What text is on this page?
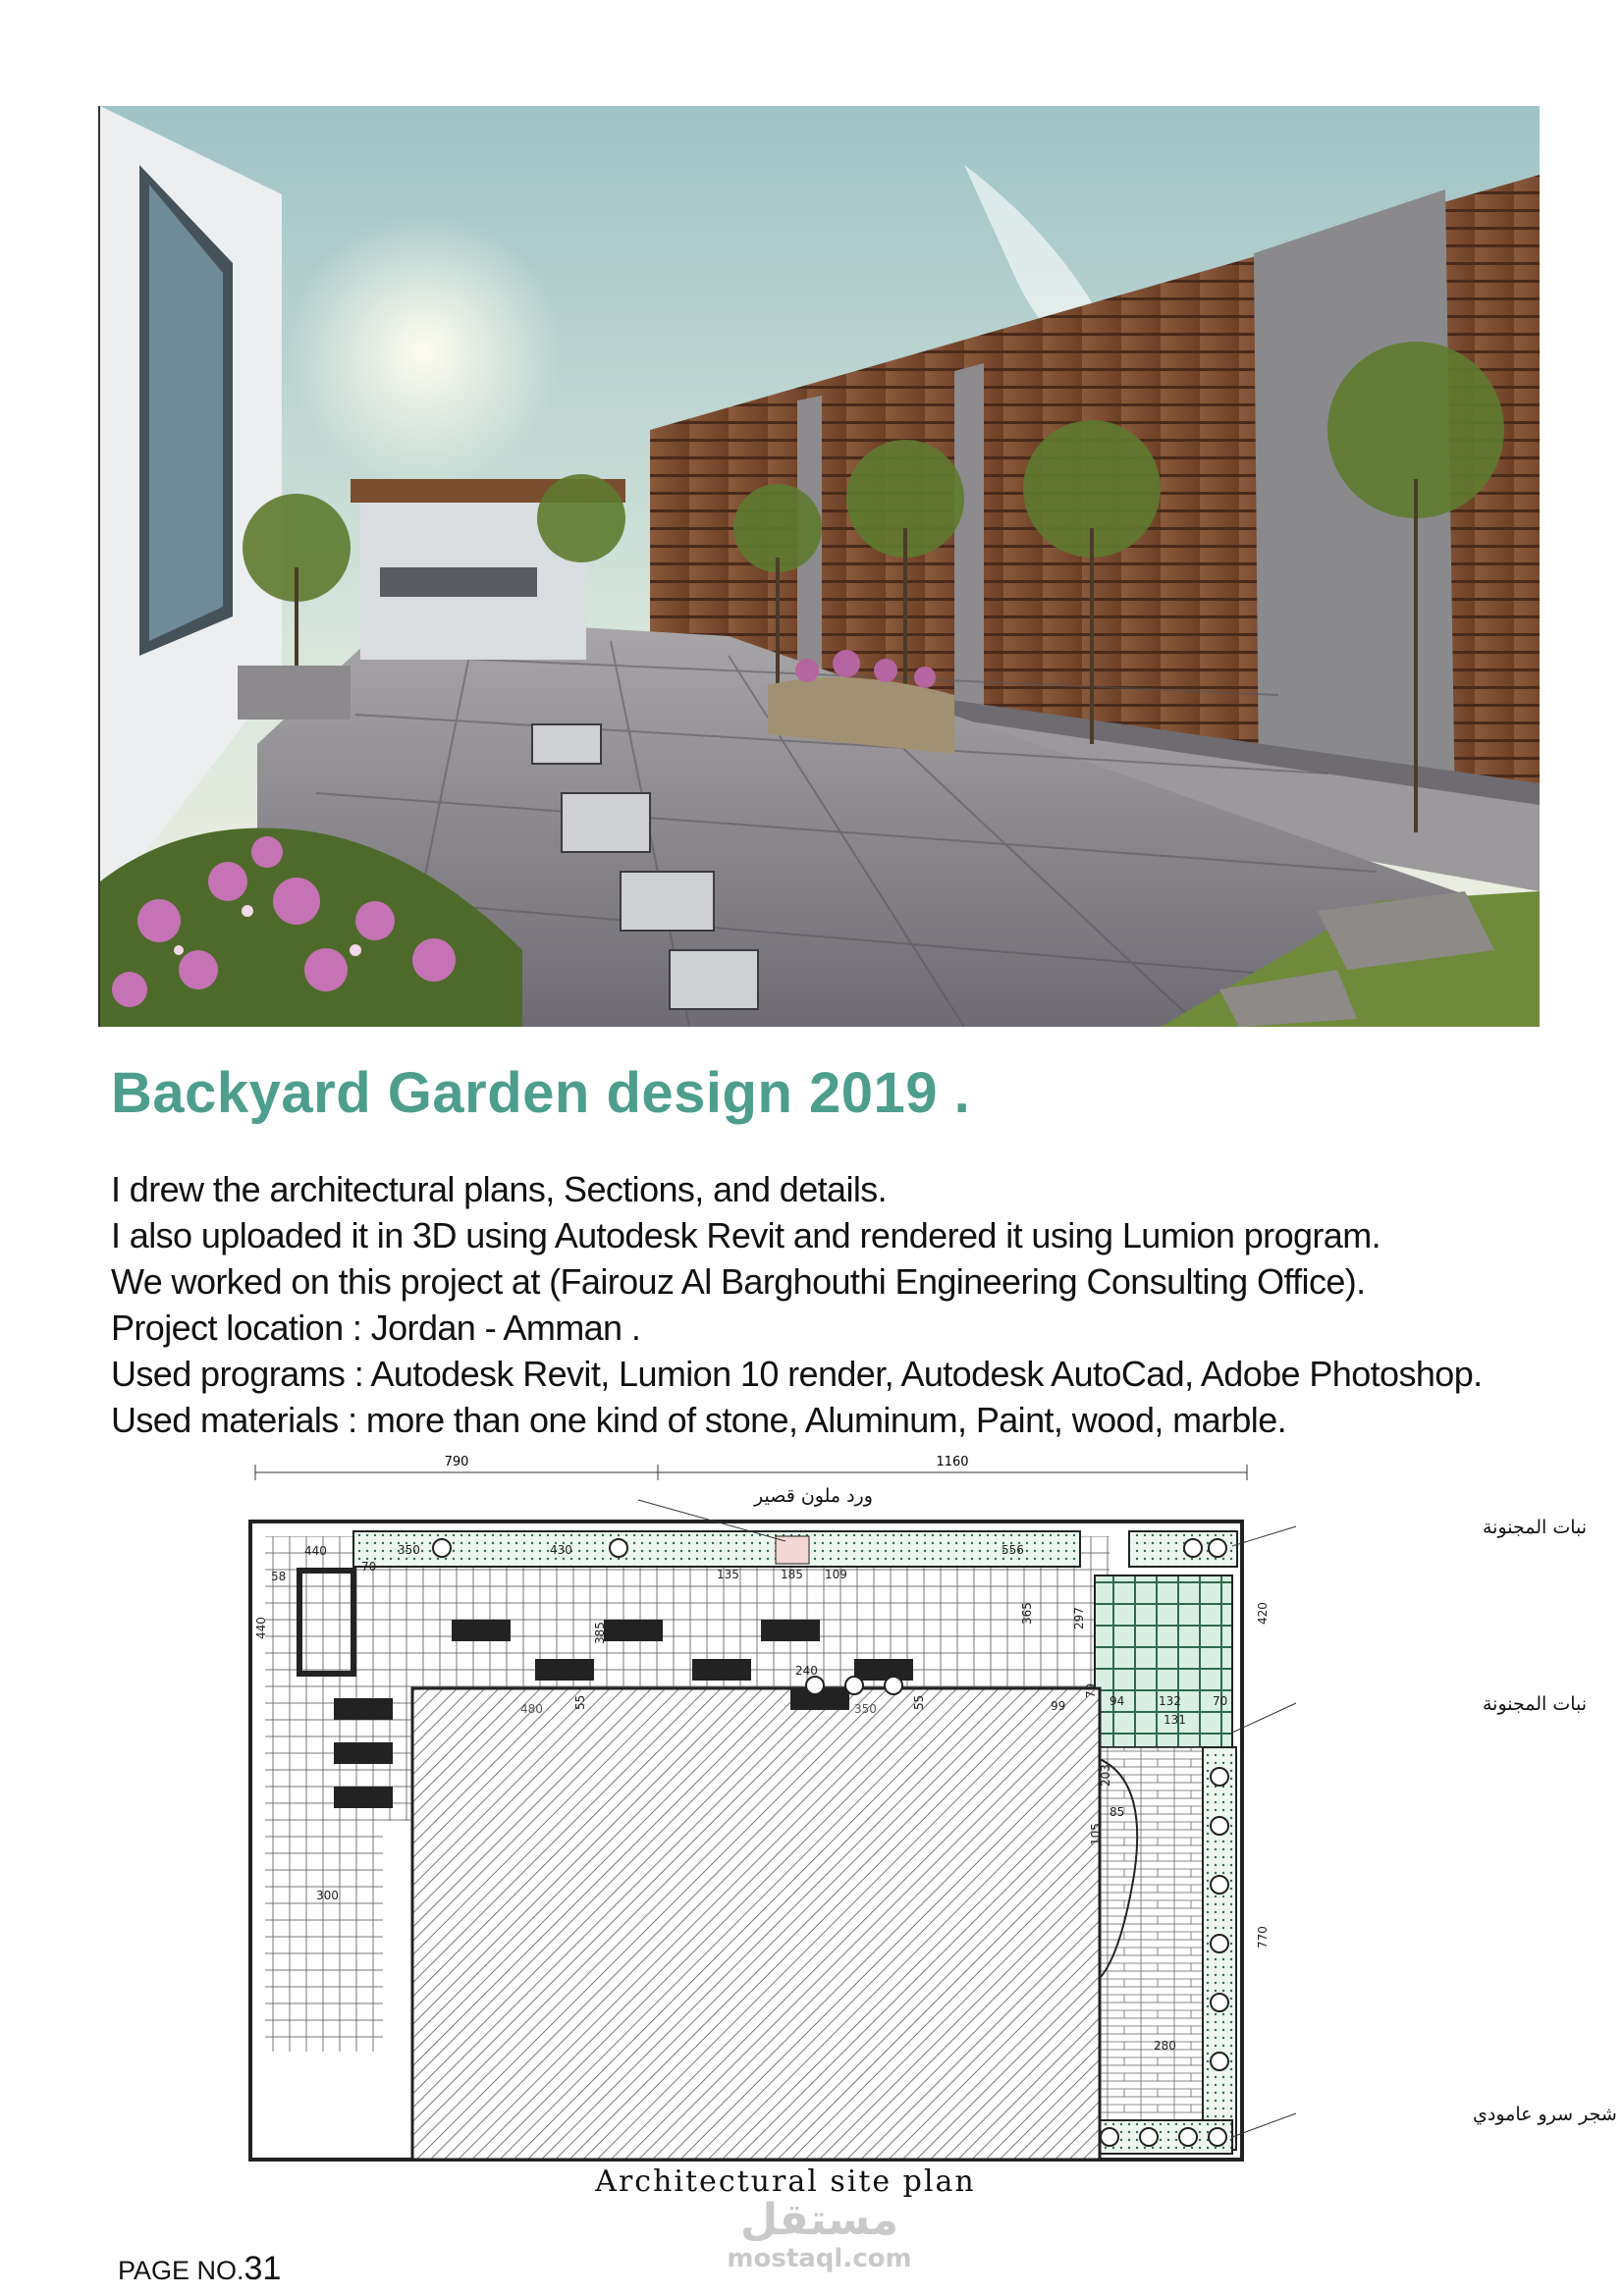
Backyard Garden design 2019 .
I drew the architectural plans, Sections, and details.
I also uploaded it in 3D using Autodesk Revit and rendered it using Lumion program.
We worked on this project at (Fairouz Al Barghouthi Engineering Consulting Office).
Project location : Jordan - Amman .
Used programs : Autodesk Revit, Lumion 10 render, Autodesk AutoCad, Adobe Photoshop.
Used materials : more than one kind of stone, Aluminum, Paint, wood, marble.
790	1160
440
58
350
70
430	556
185 109
135
385
365	297
240
55	55	99
79
94	132	70
131
203
85
105
480	350
300
420
770
280
440
ورد ملون قصير
نبات المجنونة
نبات المجنونة
شجر سرو عامودي
Architectural site plan
مستقل
mostaql.com
PAGE NO.31
